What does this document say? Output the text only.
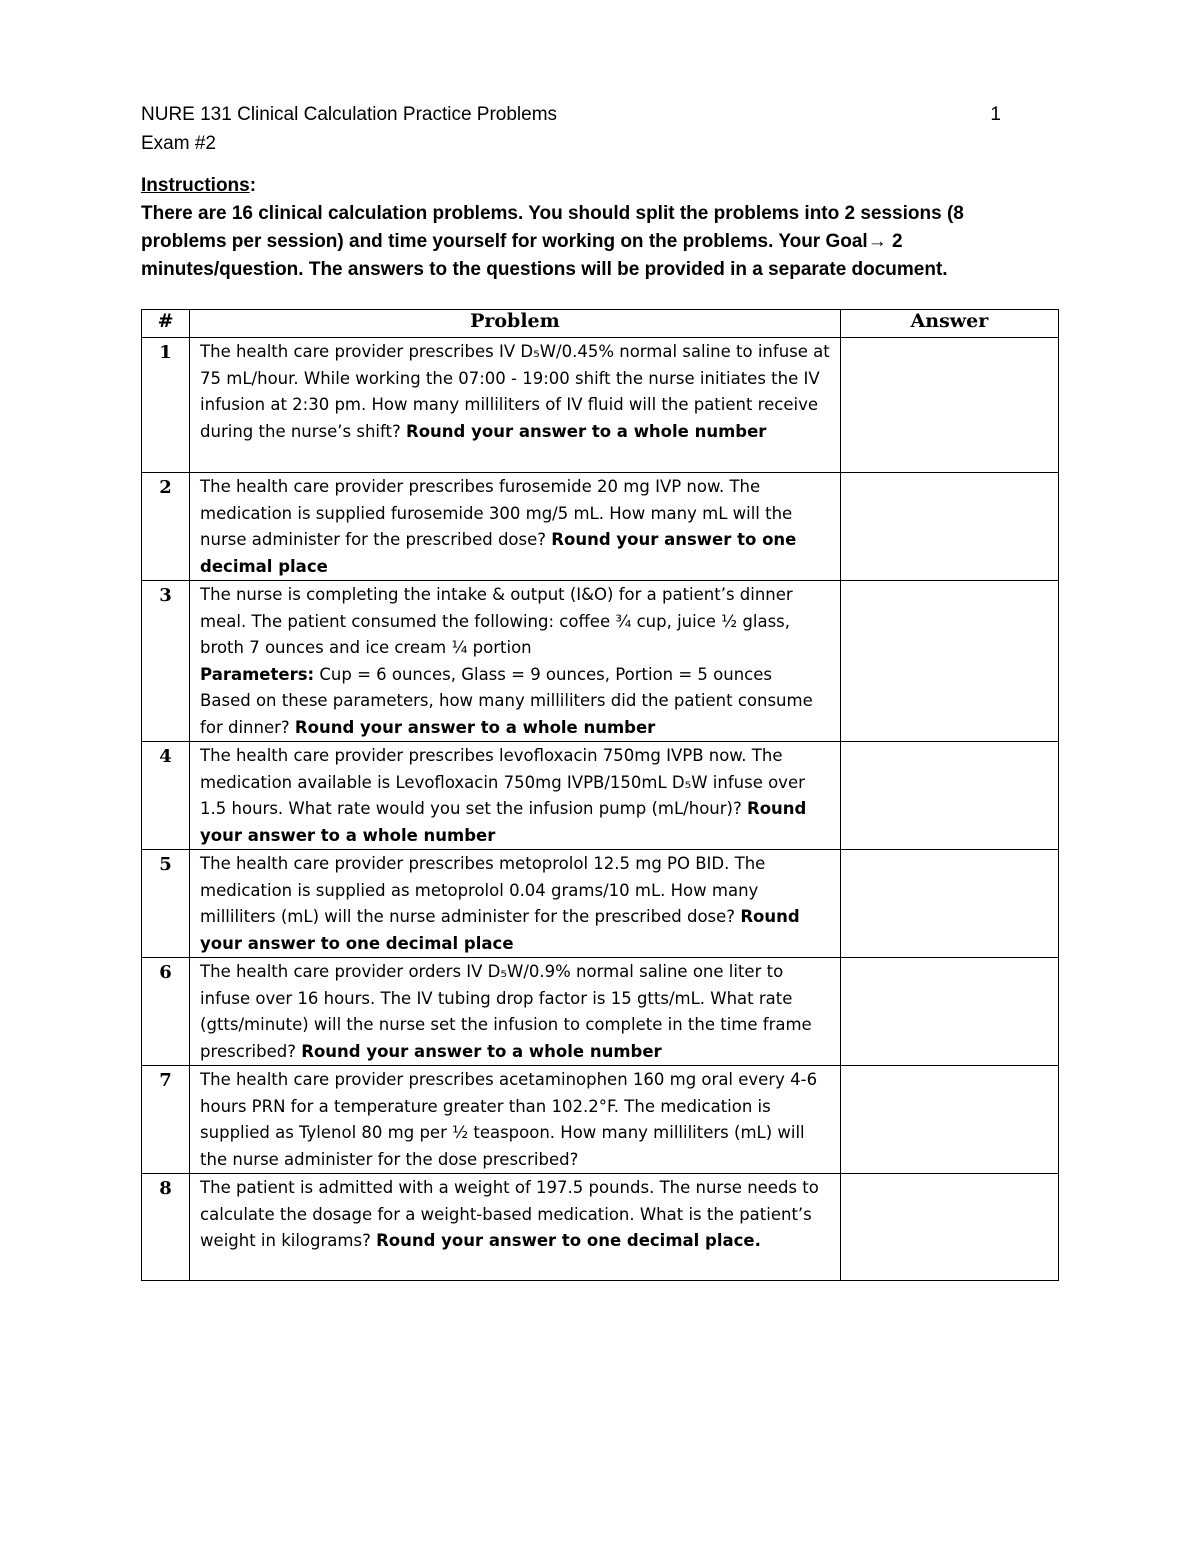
NURE 131 Clinical Calculation Practice Problems	1
Exam #2
Instructions:
There are 16 clinical calculation problems. You should split the problems into 2 sessions (8
problems per session) and time yourself for working on the problems. Your Goal→ 2
minutes/question. The answers to the questions will be provided in a separate document.
#	Problem	Answer
1	The health care provider prescribes IV D₅W/0.45% normal saline to infuse at 75 mL/hour. While working the 07:00 - 19:00 shift the nurse initiates the IV infusion at 2:30 pm. How many milliliters of IV fluid will the patient receive during the nurse’s shift? Round your answer to a whole number	
2	The health care provider prescribes furosemide 20 mg IVP now. The medication is supplied furosemide 300 mg/5 mL. How many mL will the nurse administer for the prescribed dose? Round your answer to one decimal place	
3	The nurse is completing the intake & output (I&O) for a patient’s dinner meal. The patient consumed the following: coffee ¾ cup, juice ½ glass, broth 7 ounces and ice cream ¼ portion
Parameters: Cup = 6 ounces, Glass = 9 ounces, Portion = 5 ounces
Based on these parameters, how many milliliters did the patient consume for dinner? Round your answer to a whole number	
4	The health care provider prescribes levofloxacin 750mg IVPB now. The medication available is Levofloxacin 750mg IVPB/150mL D₅W infuse over 1.5 hours. What rate would you set the infusion pump (mL/hour)? Round your answer to a whole number	
5	The health care provider prescribes metoprolol 12.5 mg PO BID. The medication is supplied as metoprolol 0.04 grams/10 mL. How many milliliters (mL) will the nurse administer for the prescribed dose? Round your answer to one decimal place	
6	The health care provider orders IV D₅W/0.9% normal saline one liter to infuse over 16 hours. The IV tubing drop factor is 15 gtts/mL. What rate (gtts/minute) will the nurse set the infusion to complete in the time frame prescribed? Round your answer to a whole number	
7	The health care provider prescribes acetaminophen 160 mg oral every 4-6 hours PRN for a temperature greater than 102.2°F. The medication is supplied as Tylenol 80 mg per ½ teaspoon. How many milliliters (mL) will the nurse administer for the dose prescribed?	
8	The patient is admitted with a weight of 197.5 pounds. The nurse needs to calculate the dosage for a weight-based medication. What is the patient’s weight in kilograms? Round your answer to one decimal place.	
